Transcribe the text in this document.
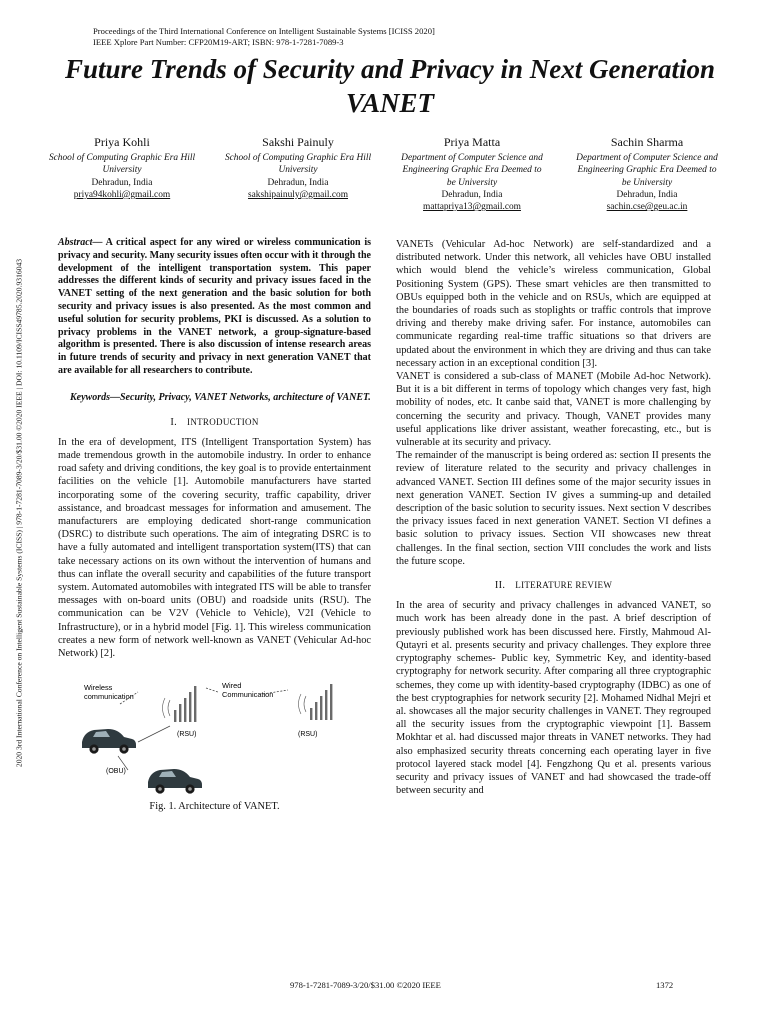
Proceedings of the Third International Conference on Intelligent Sustainable Systems [ICISS 2020]
IEEE Xplore Part Number: CFP20M19-ART; ISBN: 978-1-7281-7089-3
Future Trends of Security and Privacy in Next Generation VANET
Priya Kohli
School of Computing Graphic Era Hill University
Dehradun, India
priya94kohli@gmail.com
Sakshi Painuly
School of Computing Graphic Era Hill University
Dehradun, India
sakshipainuly@gmail.com
Priya Matta
Department of Computer Science and Engineering Graphic Era Deemed to be University
Dehradun, India
mattapriya13@gmail.com
Sachin Sharma
Department of Computer Science and Engineering Graphic Era Deemed to be University
Dehradun, India
sachin.cse@geu.ac.in
2020 3rd International Conference on Intelligent Sustainable Systems (ICISS) | 978-1-7281-7089-3/20/$31.00 ©2020 IEEE | DOI: 10.1109/ICISS49785.2020.9316043

Abstract— A critical aspect for any wired or wireless communication is privacy and security. Many security issues often occur with it through the development of the intelligent transportation system. This paper addresses the different kinds of security and privacy issues faced in the VANET setting of the next generation and the basic solution for both security and privacy issues is also presented. As the most common and useful solution for security problems, PKI is discussed. As a solution to privacy problems in the VANET network, a group-signature-based algorithm is presented. There is also discussion of intense research areas in future trends of security and privacy in next generation VANET that are available for all researchers to contribute.

Keywords—Security, Privacy, VANET Networks, architecture of VANET.

I. INTRODUCTION

In the era of development, ITS (Intelligent Transportation System) has made tremendous growth in the automobile industry. In order to enhance road safety and driving conditions, the key goal is to provide entertainment facilities on the vehicle [1]. Automobile manufacturers have started incorporating some of the covering security, traffic capability, driver assistance, and broadcast messages for information and amusement. The manufacturers are employing dedicated short-range communication (DSRC) to distribute such operations. The aim of integrating DSRC is to have a fully automated and intelligent transportation system(ITS) that can take necessary actions on its own without the intervention of humans and thus can inflate the overall security and capabilities of the future transport system. Automated automobiles with integrated ITS will be able to transfer messages with on-board units (OBU) and roadside units (RSU). The communication can be V2V (Vehicle to Vehicle), V2I (Vehicle to Infrastructure), or in a hybrid model [Fig. 1]. This wireless communication creates a new form of network well-known as VANET (Vehicular Ad-hoc Network) [2].

Wireless
communication
Wired
Communication
(RSU)	(RSU)
(OBU)
Fig. 1. Architecture of VANET.

VANETs (Vehicular Ad-hoc Network) are self-standardized and a distributed network. Under this network, all vehicles have OBU installed which would blend the vehicle’s wireless communication, Global Positioning System (GPS). These smart vehicles are then transmitted to OBUs equipped both in the vehicle and on RSUs, which are equipped at the boundaries of roads such as stoplights or traffic controls that improve driving and thereby make driving safer. For instance, automobiles can communicate regarding real-time traffic situations so that drivers are updated about the environment in which they are driving and thus can take necessary action in an exceptional condition [3].

VANET is considered a sub-class of MANET (Mobile Ad-hoc Network). But it is a bit different in terms of topology which changes very fast, high mobility of nodes, etc. It canbe said that, VANET is more challenging by concerning the security and privacy. Though, VANET provides many useful applications like driver assistant, weather forecasting, etc., but is vulnerable at its security and privacy.

The remainder of the manuscript is being ordered as: section II presents the review of literature related to the security and privacy challenges in advanced VANET. Section III defines some of the major security issues in next generation VANET. Section IV gives a summing-up and detailed description of the basic solution to security issues. Next section V describes the privacy issues faced in next generation VANET. Section VI defines a basic solution to privacy issues. Section VII showcases new threat challenges. In the final section, section VIII concludes the work and lists the future scope.

II. LITERATURE REVIEW

In the area of security and privacy challenges in advanced VANET, so much work has been already done in the past. A brief description of previously published work has been discussed here. Firstly, Mahmoud Al-Qutayri et al. presents security and privacy challenges. They explore three cryptography schemes- Public key, Symmetric Key, and identity-based cryptography for network security. After comparing all three cryptographic schemes, they come up with identity-based cryptography (IDBC) as one of the best cryptographies for network security [2]. Mohamed Nidhal Mejri et al. showcases all the major security challenges in VANET. They regrouped all the security issues from the cryptographic viewpoint [1]. Bassem Mokhtar et al. had discussed major threats in VANET networks. They had also emphasized security threats concerning each operating layer in five protocol layered stack model [4]. Fengzhong Qu et al. presents various security and privacy issues of VANET and had showcased the trade-off between security and

978-1-7281-7089-3/20/$31.00 ©2020 IEEE	1372
